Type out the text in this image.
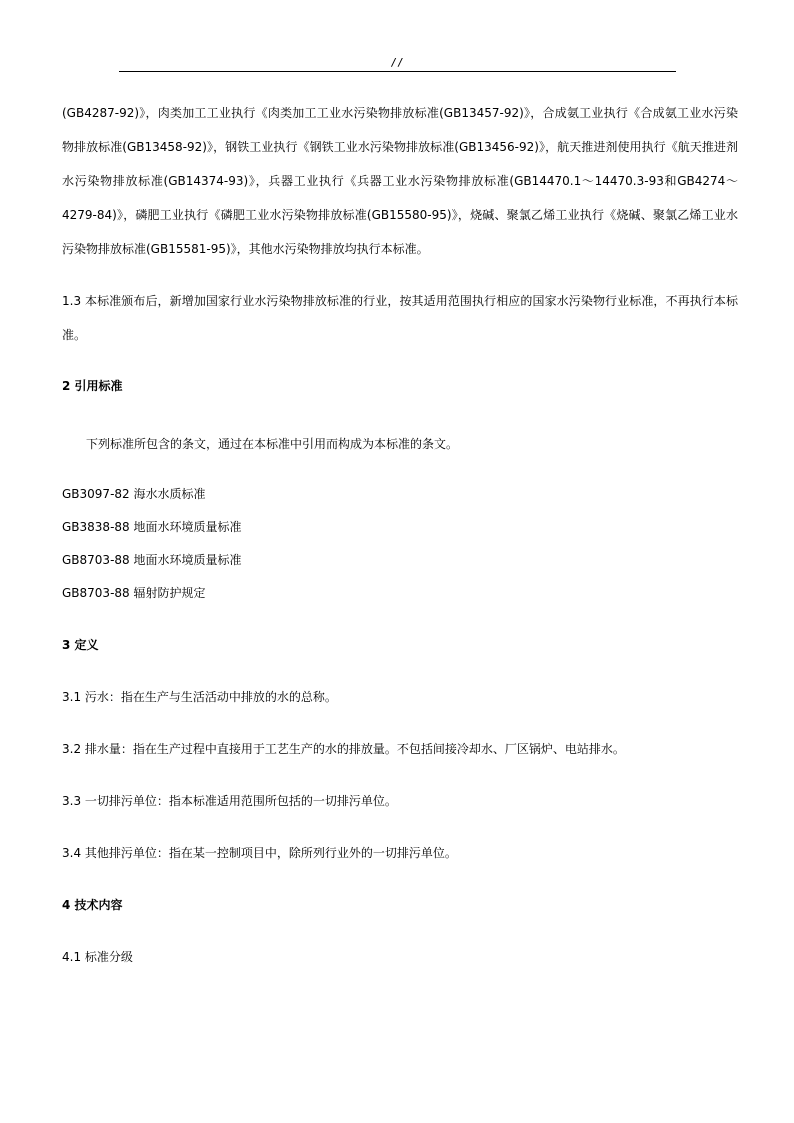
//

(GB4287-92)》，肉类加工工业执行《肉类加工工业水污染物排放标准(GB13457-92)》，合成氨工业执行《合成氨工业水污染物排放标准(GB13458-92)》，钢铁工业执行《钢铁工业水污染物排放标准(GB13456-92)》，航天推进剂使用执行《航天推进剂水污染物排放标准(GB14374-93)》，兵器工业执行《兵器工业水污染物排放标准(GB14470.1～14470.3-93和GB4274～4279-84)》，磷肥工业执行《磷肥工业水污染物排放标准(GB15580-95)》，烧碱、聚氯乙烯工业执行《烧碱、聚氯乙烯工业水污染物排放标准(GB15581-95)》，其他水污染物排放均执行本标准。

1.3 本标准颁布后，新增加国家行业水污染物排放标准的行业，按其适用范围执行相应的国家水污染物行业标准，不再执行本标准。

2 引用标准

下列标准所包含的条文，通过在本标准中引用而构成为本标准的条文。

GB3097-82 海水水质标准

GB3838-88 地面水环境质量标准

GB8703-88 地面水环境质量标准

GB8703-88 辐射防护规定

3 定义

3.1 污水：指在生产与生活活动中排放的水的总称。

3.2 排水量：指在生产过程中直接用于工艺生产的水的排放量。不包括间接冷却水、厂区锅炉、电站排水。

3.3 一切排污单位：指本标准适用范围所包括的一切排污单位。

3.4 其他排污单位：指在某一控制项目中，除所列行业外的一切排污单位。

4 技术内容

4.1 标准分级
